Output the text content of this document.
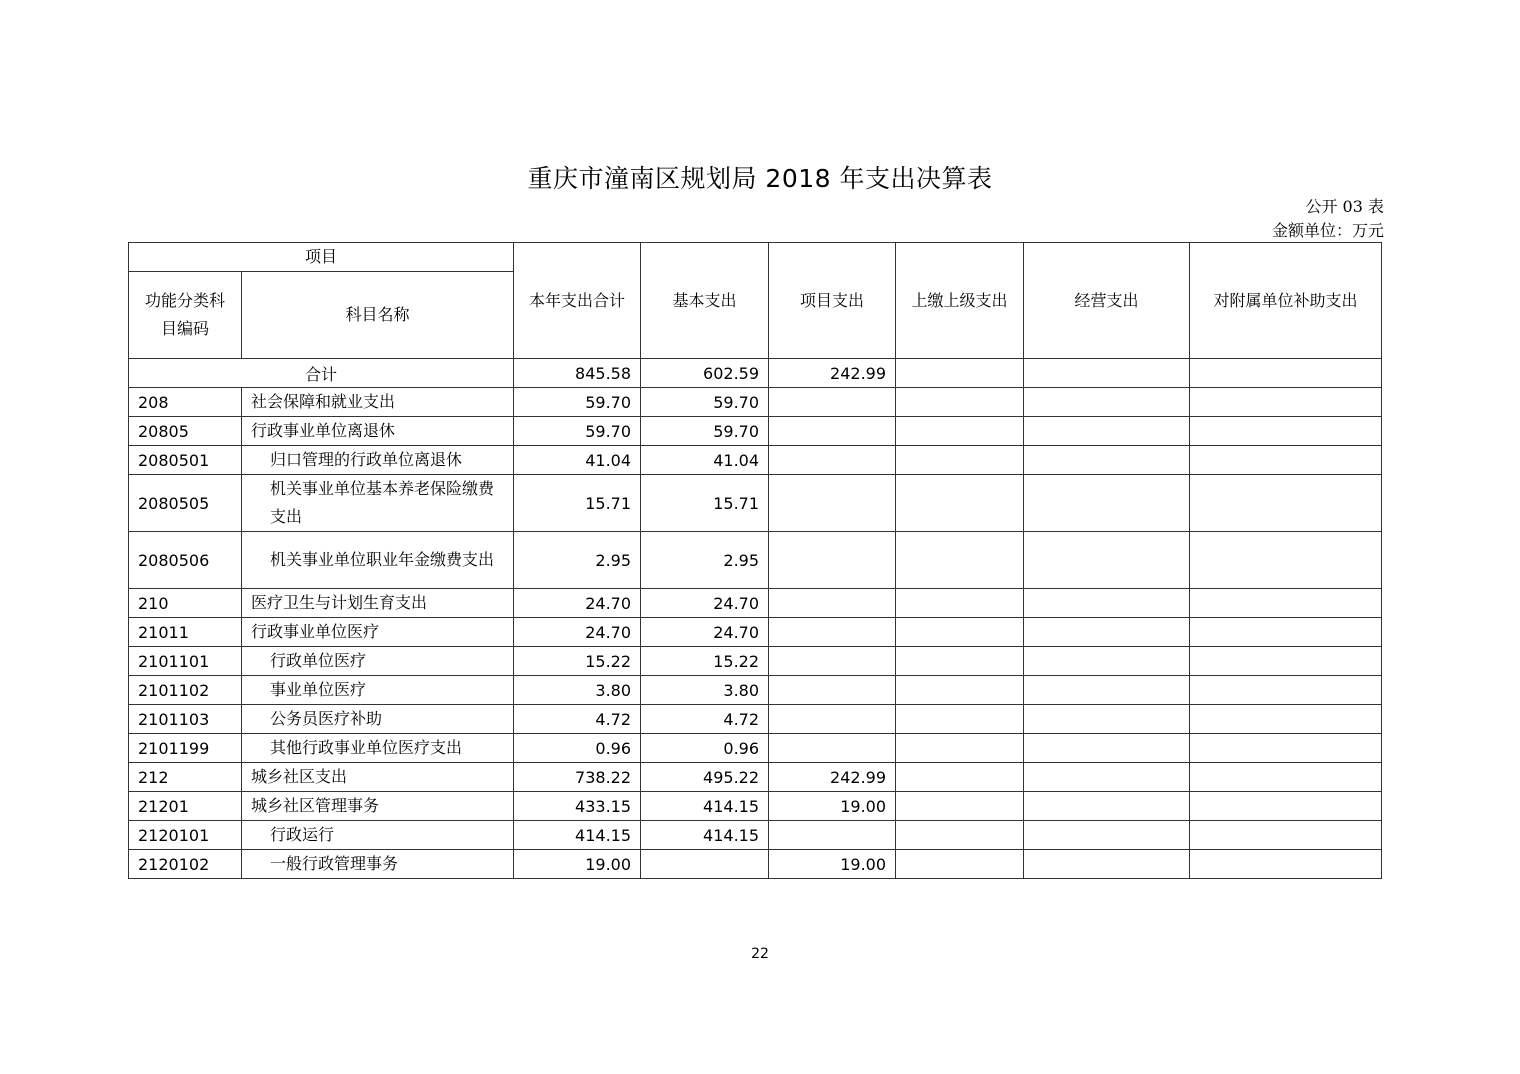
重庆市潼南区规划局 2018 年支出决算表
公开 03 表
金额单位：万元
项目		本年支出合计	基本支出	项目支出	上缴上级支出	经营支出	对附属单位补助支出

功能分类科目编码	科目名称						
合计		845.58	602.59	242.99			
208	社会保障和就业支出	59.70	59.70				
20805	行政事业单位离退休	59.70	59.70				
2080501	归口管理的行政单位离退休	41.04	41.04				
2080505	机关事业单位基本养老保险缴费支出	15.71	15.71				
2080506	机关事业单位职业年金缴费支出	2.95	2.95				
210	医疗卫生与计划生育支出	24.70	24.70				
21011	行政事业单位医疗	24.70	24.70				
2101101	行政单位医疗	15.22	15.22				
2101102	事业单位医疗	3.80	3.80				
2101103	公务员医疗补助	4.72	4.72				
2101199	其他行政事业单位医疗支出	0.96	0.96				
212	城乡社区支出	738.22	495.22	242.99			
21201	城乡社区管理事务	433.15	414.15	19.00			
2120101	行政运行	414.15	414.15				
2120102	一般行政管理事务	19.00		19.00			
22
